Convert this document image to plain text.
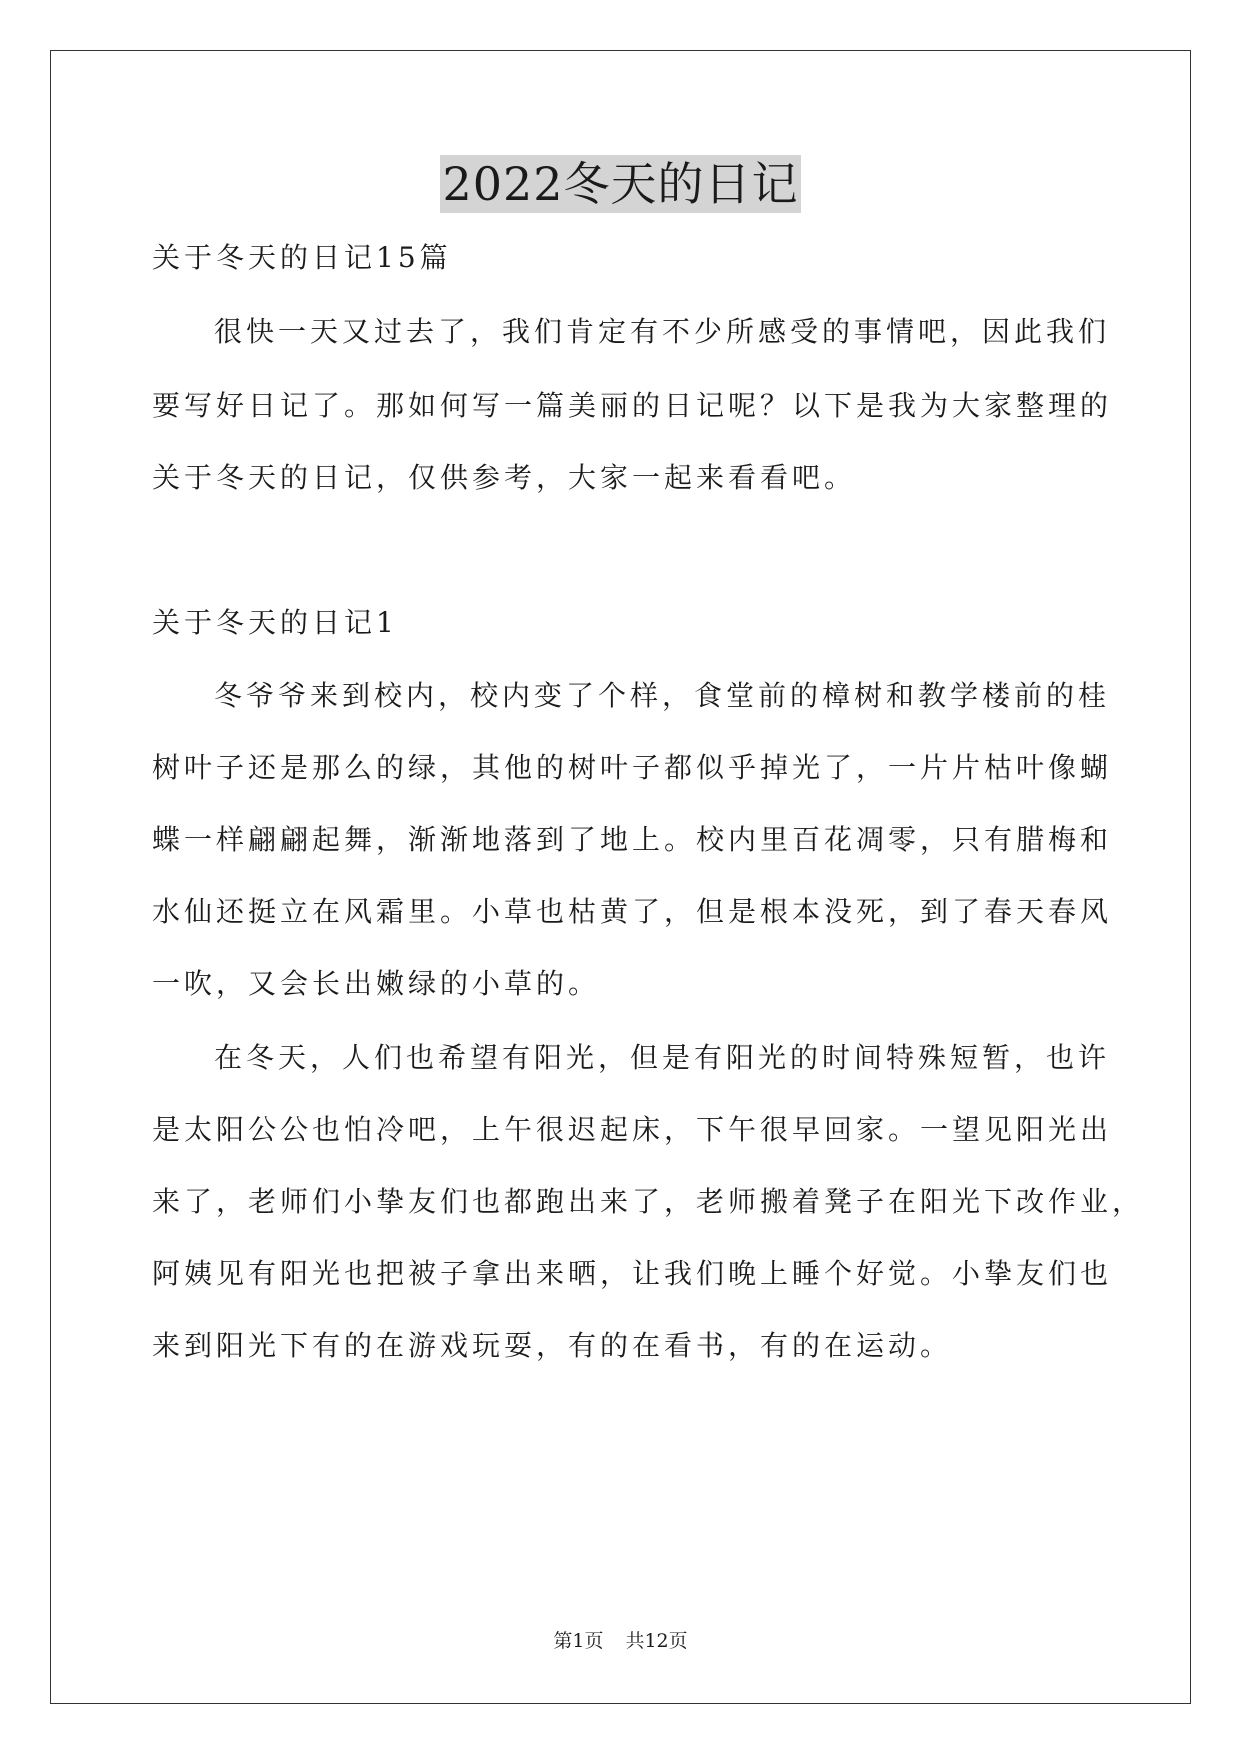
2022冬天的日记
关于冬天的日记15篇
很快一天又过去了，我们肯定有不少所感受的事情吧，因此我们
要写好日记了。那如何写一篇美丽的日记呢？以下是我为大家整理的
关于冬天的日记，仅供参考，大家一起来看看吧。
关于冬天的日记1
冬爷爷来到校内，校内变了个样，食堂前的樟树和教学楼前的桂
树叶子还是那么的绿，其他的树叶子都似乎掉光了，一片片枯叶像蝴
蝶一样翩翩起舞，渐渐地落到了地上。校内里百花凋零，只有腊梅和
水仙还挺立在风霜里。小草也枯黄了，但是根本没死，到了春天春风
一吹，又会长出嫩绿的小草的。
在冬天，人们也希望有阳光，但是有阳光的时间特殊短暂，也许
是太阳公公也怕冷吧，上午很迟起床，下午很早回家。一望见阳光出
来了，老师们小挚友们也都跑出来了，老师搬着凳子在阳光下改作业，
阿姨见有阳光也把被子拿出来晒，让我们晚上睡个好觉。小挚友们也
来到阳光下有的在游戏玩耍，有的在看书，有的在运动。
第1页 共12页
